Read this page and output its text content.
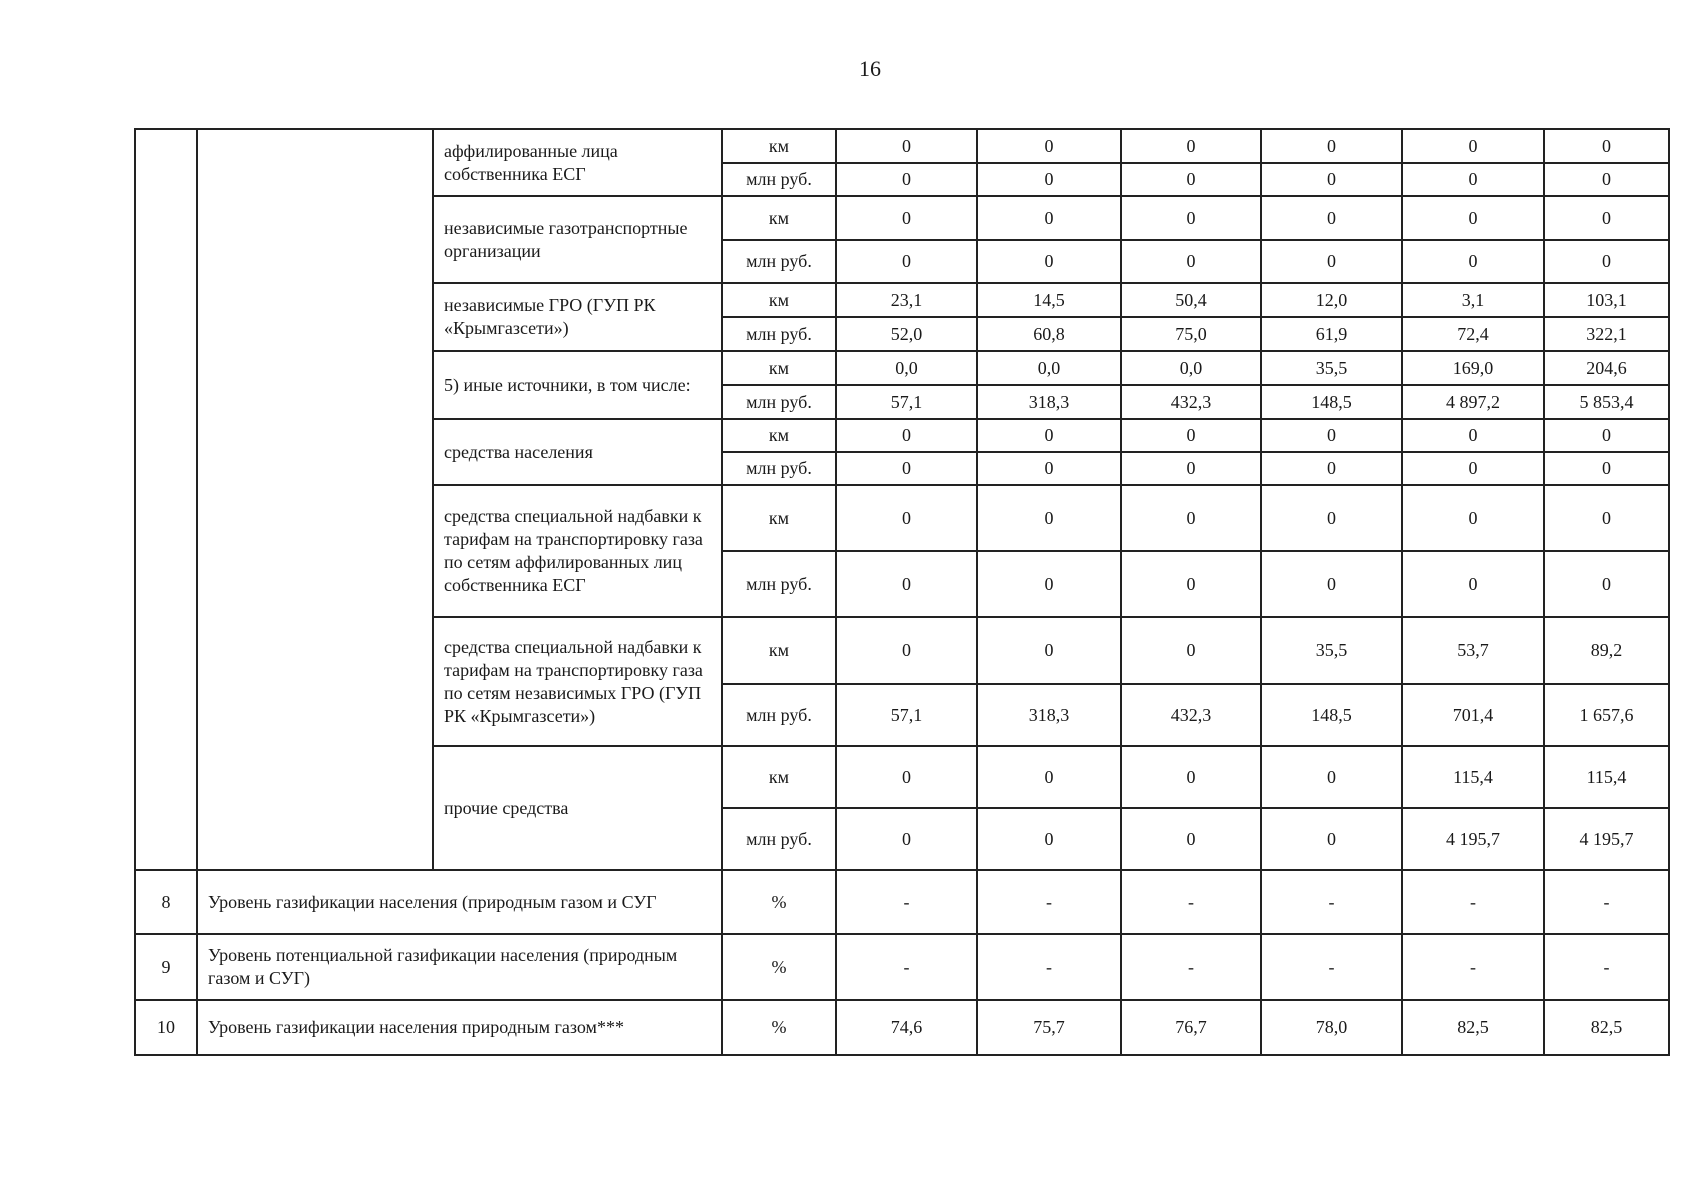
16
		аффилированные лица собственника ЕСГ	км	0	0	0	0	0	0
			млн руб.	0	0	0	0	0	0
		независимые газотранспортные организации	км	0	0	0	0	0	0
			млн руб.	0	0	0	0	0	0
		независимые ГРО (ГУП РК «Крымгазсети»)	км	23,1	14,5	50,4	12,0	3,1	103,1
			млн руб.	52,0	60,8	75,0	61,9	72,4	322,1
		5) иные источники, в том числе:	км	0,0	0,0	0,0	35,5	169,0	204,6
			млн руб.	57,1	318,3	432,3	148,5	4 897,2	5 853,4
		средства населения	км	0	0	0	0	0	0
			млн руб.	0	0	0	0	0	0
		средства специальной надбавки к тарифам на транспортировку газа по сетям аффилированных лиц собственника ЕСГ	км	0	0	0	0	0	0
			млн руб.	0	0	0	0	0	0
		средства специальной надбавки к тарифам на транспортировку газа по сетям независимых ГРО (ГУП РК «Крымгазсети»)	км	0	0	0	35,5	53,7	89,2
			млн руб.	57,1	318,3	432,3	148,5	701,4	1 657,6
		прочие средства	км	0	0	0	0	115,4	115,4
			млн руб.	0	0	0	0	4 195,7	4 195,7
8	Уровень газификации населения (природным газом и СУГ		%	-	-	-	-	-	-
9	Уровень потенциальной газификации населения (природным газом и СУГ)		%	-	-	-	-	-	-
10	Уровень газификации населения природным газом***		%	74,6	75,7	76,7	78,0	82,5	82,5
